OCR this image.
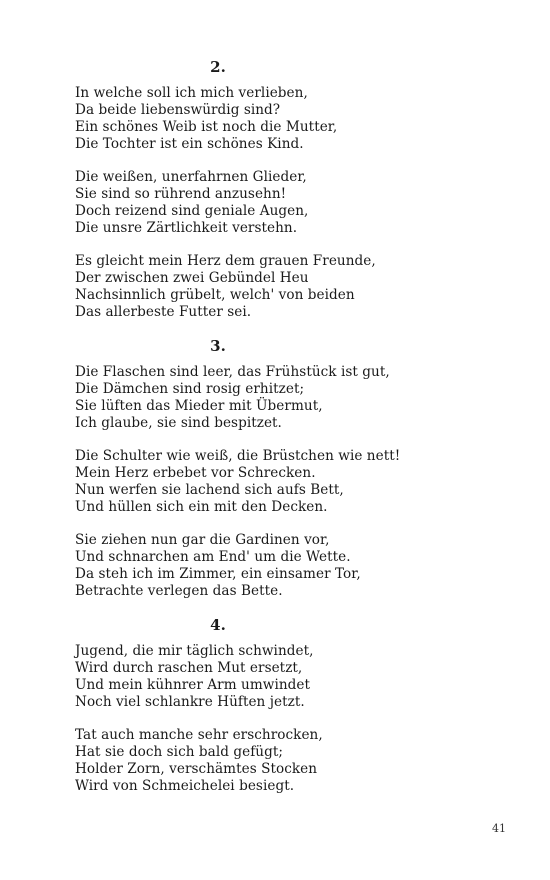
2.
In welche soll ich mich verlieben,
Da beide liebenswürdig sind?
Ein schönes Weib ist noch die Mutter,
Die Tochter ist ein schönes Kind.
Die weißen, unerfahrnen Glieder,
Sie sind so rührend anzusehn!
Doch reizend sind geniale Augen,
Die unsre Zärtlichkeit verstehn.
Es gleicht mein Herz dem grauen Freunde,
Der zwischen zwei Gebündel Heu
Nachsinnlich grübelt, welch' von beiden
Das allerbeste Futter sei.
3.
Die Flaschen sind leer, das Frühstück ist gut,
Die Dämchen sind rosig erhitzet;
Sie lüften das Mieder mit Übermut,
Ich glaube, sie sind bespitzet.
Die Schulter wie weiß, die Brüstchen wie nett!
Mein Herz erbebet vor Schrecken.
Nun werfen sie lachend sich aufs Bett,
Und hüllen sich ein mit den Decken.
Sie ziehen nun gar die Gardinen vor,
Und schnarchen am End' um die Wette.
Da steh ich im Zimmer, ein einsamer Tor,
Betrachte verlegen das Bette.
4.
Jugend, die mir täglich schwindet,
Wird durch raschen Mut ersetzt,
Und mein kühnrer Arm umwindet
Noch viel schlankre Hüften jetzt.
Tat auch manche sehr erschrocken,
Hat sie doch sich bald gefügt;
Holder Zorn, verschämtes Stocken
Wird von Schmeichelei besiegt.
41
